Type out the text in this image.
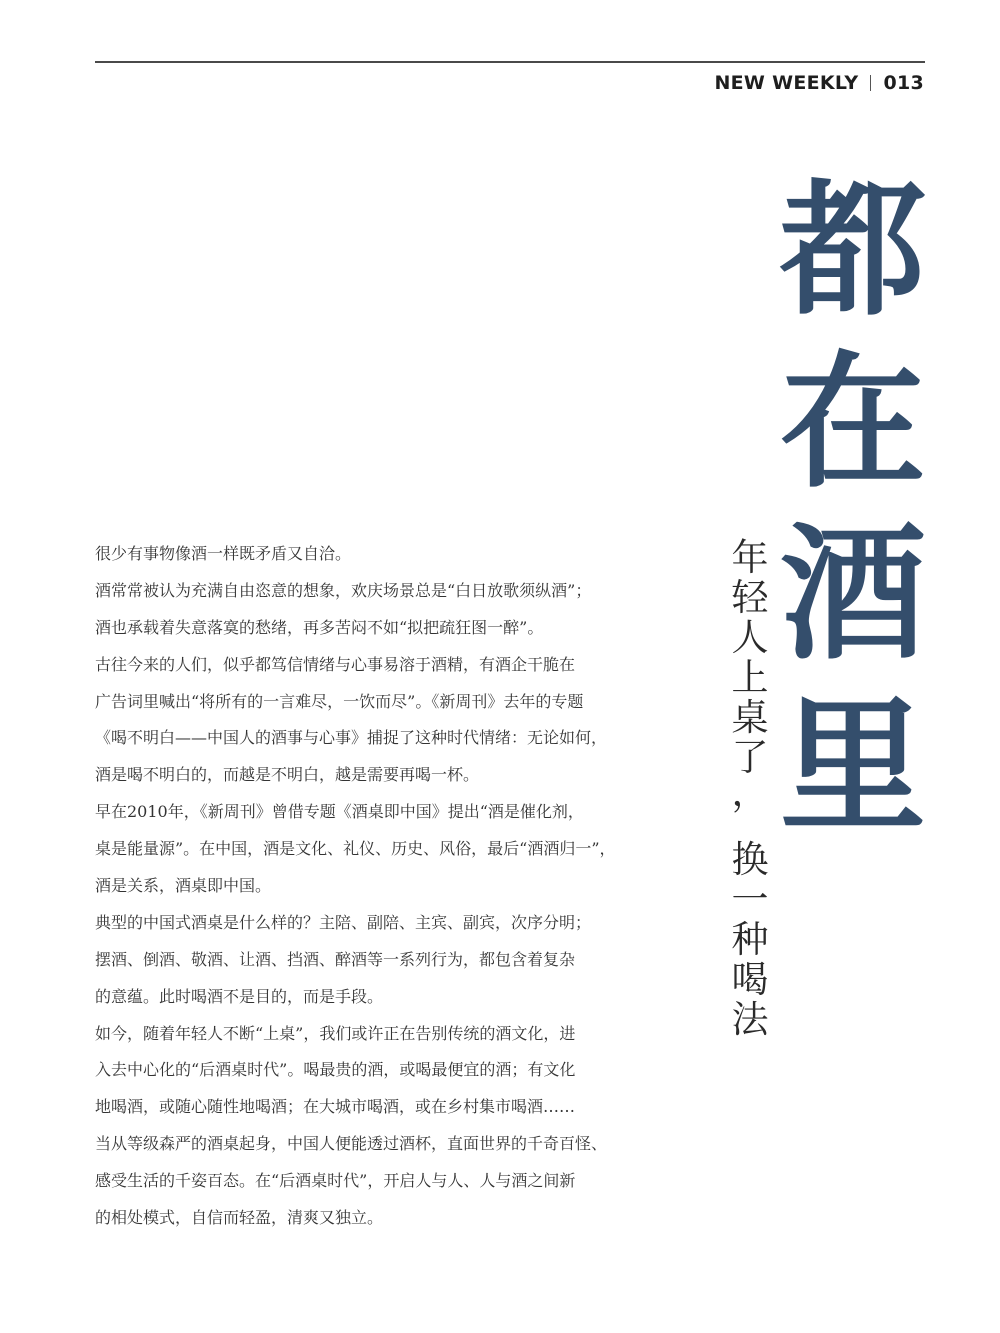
NEW WEEKLY 013
都
在
酒
里
年
轻
人
上
桌
了
，
换
一
种
喝
法
很少有事物像酒一样既矛盾又自洽。
酒常常被认为充满自由恣意的想象，欢庆场景总是“白日放歌须纵酒”；
酒也承载着失意落寞的愁绪，再多苦闷不如“拟把疏狂图一醉”。
古往今来的人们，似乎都笃信情绪与心事易溶于酒精，有酒企干脆在
广告词里喊出“将所有的一言难尽，一饮而尽”。《新周刊》去年的专题
《喝不明白——中国人的酒事与心事》捕捉了这种时代情绪：无论如何，
酒是喝不明白的，而越是不明白，越是需要再喝一杯。
早在2010年，《新周刊》曾借专题《酒桌即中国》提出“酒是催化剂，
桌是能量源”。在中国，酒是文化、礼仪、历史、风俗，最后“酒酒归一”，
酒是关系，酒桌即中国。
典型的中国式酒桌是什么样的？主陪、副陪、主宾、副宾，次序分明；
摆酒、倒酒、敬酒、让酒、挡酒、醉酒等一系列行为，都包含着复杂
的意蕴。此时喝酒不是目的，而是手段。
如今，随着年轻人不断“上桌”，我们或许正在告别传统的酒文化，进
入去中心化的“后酒桌时代”。喝最贵的酒，或喝最便宜的酒；有文化
地喝酒，或随心随性地喝酒；在大城市喝酒，或在乡村集市喝酒……
当从等级森严的酒桌起身，中国人便能透过酒杯，直面世界的千奇百怪、
感受生活的千姿百态。在“后酒桌时代”，开启人与人、人与酒之间新
的相处模式，自信而轻盈，清爽又独立。
